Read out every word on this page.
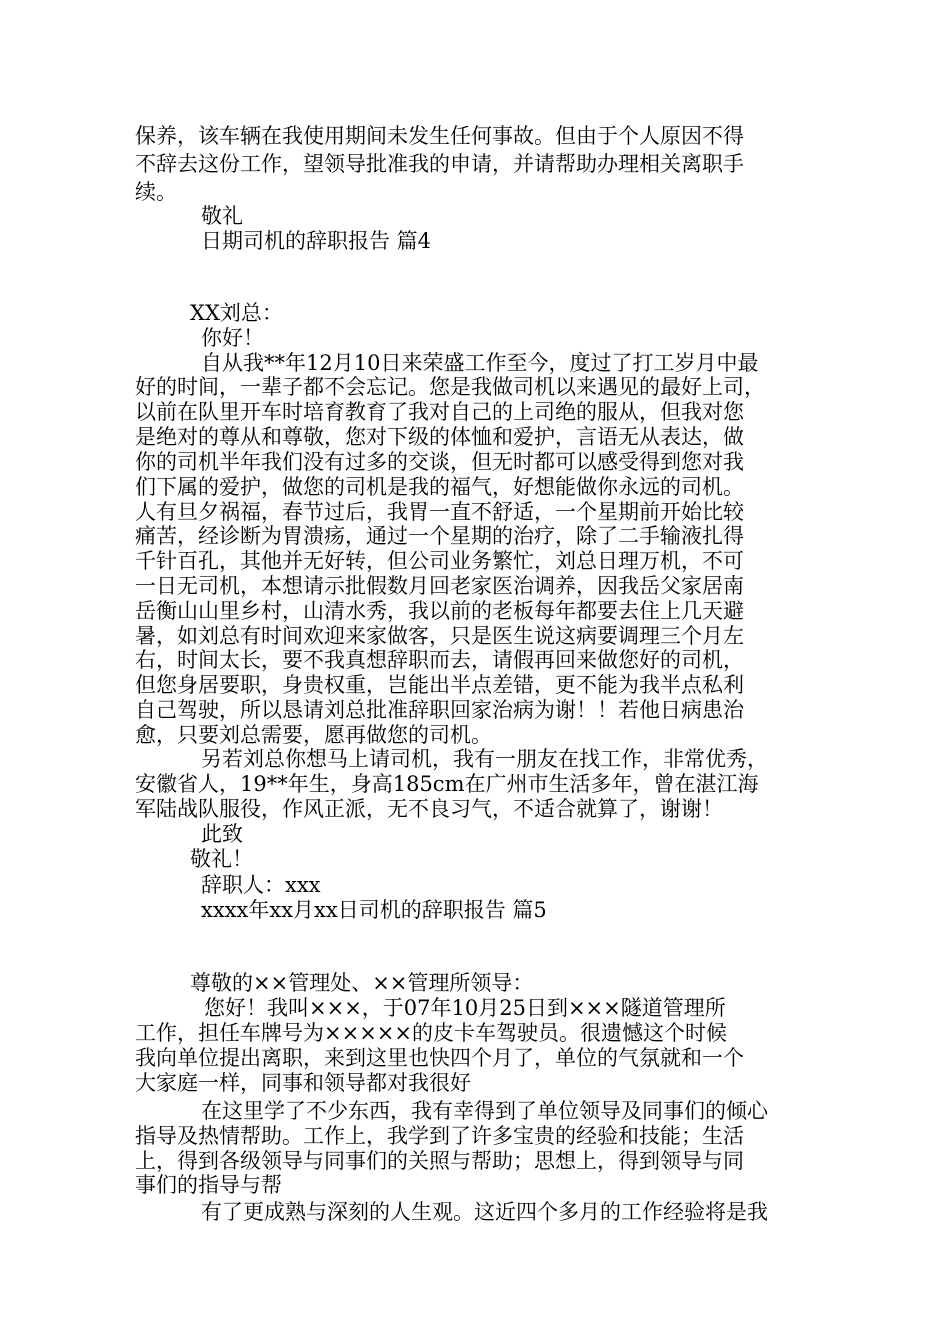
保养，该车辆在我使用期间未发生任何事故。但由于个人原因不得
不辞去这份工作，望领导批准我的申请，并请帮助办理相关离职手
续。
敬礼
日期司机的辞职报告 篇4
XX刘总：
你好！
自从我**年12月10日来荣盛工作至今，度过了打工岁月中最
好的时间，一辈子都不会忘记。您是我做司机以来遇见的最好上司，
以前在队里开车时培育教育了我对自己的上司绝的服从，但我对您
是绝对的尊从和尊敬，您对下级的体恤和爱护，言语无从表达，做
你的司机半年我们没有过多的交谈，但无时都可以感受得到您对我
们下属的爱护，做您的司机是我的福气，好想能做你永远的司机。
人有旦夕祸福，春节过后，我胃一直不舒适，一个星期前开始比较
痛苦，经诊断为胃溃疡，通过一个星期的治疗，除了二手输液扎得
千针百孔，其他并无好转，但公司业务繁忙，刘总日理万机，不可
一日无司机，本想请示批假数月回老家医治调养，因我岳父家居南
岳衡山山里乡村，山清水秀，我以前的老板每年都要去住上几天避
暑，如刘总有时间欢迎来家做客，只是医生说这病要调理三个月左
右，时间太长，要不我真想辞职而去，请假再回来做您好的司机，
但您身居要职，身贵权重，岂能出半点差错，更不能为我半点私利
自己驾驶，所以恳请刘总批准辞职回家治病为谢！！若他日病患治
愈，只要刘总需要，愿再做您的司机。
另若刘总你想马上请司机，我有一朋友在找工作，非常优秀，
安徽省人，19**年生，身高185cm在广州市生活多年，曾在湛江海
军陆战队服役，作风正派，无不良习气，不适合就算了，谢谢！
此致
敬礼！
辞职人：xxx
xxxx年xx月xx日司机的辞职报告 篇5
尊敬的××管理处、××管理所领导：
您好！我叫×××，于07年10月25日到×××隧道管理所
工作，担任车牌号为×××××的皮卡车驾驶员。很遗憾这个时候
我向单位提出离职，来到这里也快四个月了，单位的气氛就和一个
大家庭一样，同事和领导都对我很好
在这里学了不少东西，我有幸得到了单位领导及同事们的倾心
指导及热情帮助。工作上，我学到了许多宝贵的经验和技能；生活
上，得到各级领导与同事们的关照与帮助；思想上，得到领导与同
事们的指导与帮
有了更成熟与深刻的人生观。这近四个多月的工作经验将是我
